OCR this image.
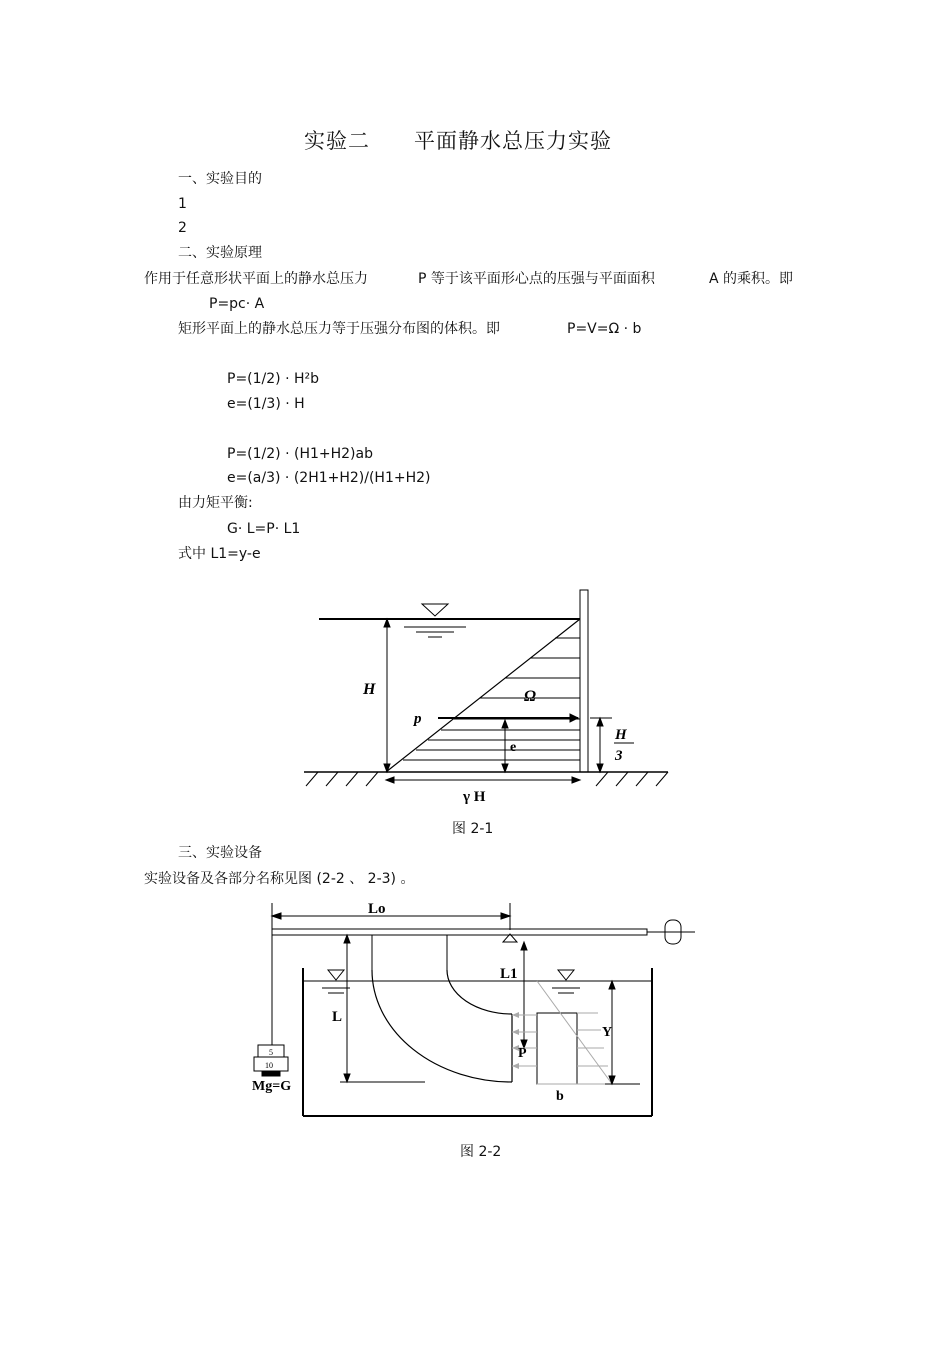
实验二 平面静水总压力实验
一、实验目的
1
2
二、实验原理
作用于任意形状平面上的静水总压力	P 等于该平面形心点的压强与平面面积	A 的乘积。即
P=pc· A
矩形平面上的静水总压力等于压强分布图的体积。即	P=V=Ω · b
P=(1/2) · H²b
e=(1/3) · H
P=(1/2) · (H1+H2)ab
e=(a/3) · (2H1+H2)/(H1+H2)
由力矩平衡:
G· L=P· L1
式中 L1=y-e
H
p
Ω
e
H
3
γ H
图 2-1
三、实验设备
实验设备及各部分名称见图 (2-2 、 2-3) 。
Lo
L1
L
P
Y
b
5
10
Mg=G
图 2-2
